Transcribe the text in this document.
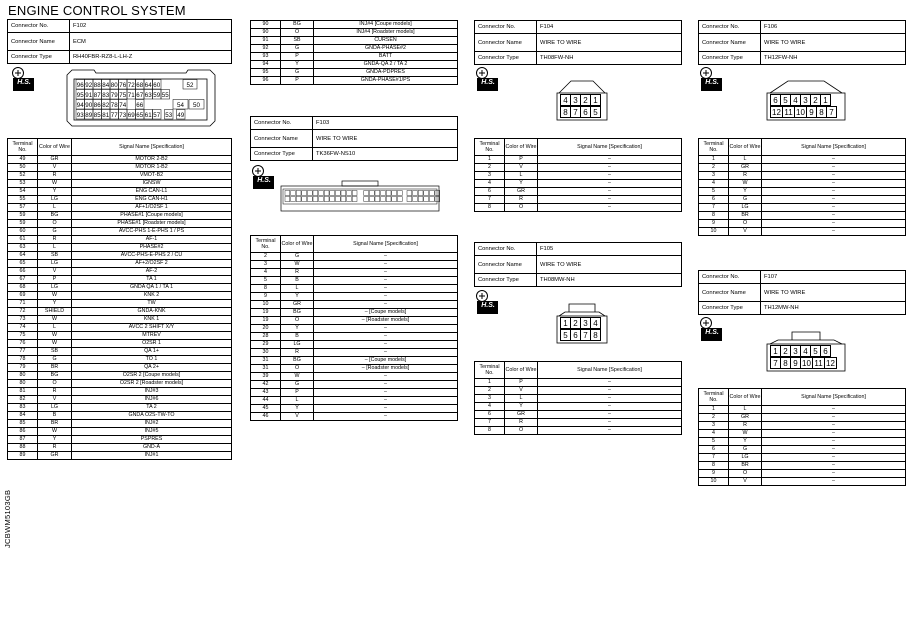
ENGINE CONTROL SYSTEM
JCBWM5103GB
Connector No.	F102
Connector Name	ECM
Connector Type	RH40FBR-RZ8-L-LH-Z
H.S.	96 92 88 84 80 76 72 68 64 60	52
95 91 87 83 79 75 71 67 63 59 55
94 90 86 82 78 74 66	54 50
93 89 85 81 77 73 69 65 61 57 53 49
Terminal No.	Color of Wire	Signal Name [Specification]
49	GR	MOTOR 2-B2
50	V	MOTOR 1-B2
52	R	VMOT-B2
53	W	IGNSW
54	Y	ENG CAN-L1
55	LG	ENG CAN-H1
57	L	AF+1/O2SF 1
59	BG	PHASE#1 [Coupe models]
59	O	PHASE#1 [Roadster models]
60	G	AVCC-PHS 1-E-PHS 1 / PS
61	R	AF-1
63	L	PHASE#2
64	SB	AVCC-PHS-E-PHS 2 / CU
65	LG	AF+2/O2SF 2
66	V	AF-2
67	P	TA 1
68	LG	GNDA QA 1 / TA 1
69	W	KNK 2
71	Y	TW
72	SHIELD	GNDA-KNK
73	W	KNK 1
74	L	AVCC 2 SHIFT X/Y
75	W	MTREV
76	W	O2SR 1
77	SB	QA 1+
78	G	TO 1
79	BR	QA 2+
80	BG	O2SR 2 [Coupe models]
80	O	O2SR 2 [Roadster models]
81	R	INJ#3
82	V	INJ#6
83	LG	TA 2
84	B	GNDA O2S-TW-TO
85	BR	INJ#2
86	W	INJ#5
87	Y	PSPRES
88	R	GND-A
89	GR	INJ#1
90	BG	INJ#4 [Coupe models]
90	O	INJ#4 [Roadster models]
91	SB	CURSEN
92	G	GNDA-PHASE#2
93	P	BATT
94	Y	GNDA-QA 2 / TA 2
95	G	GNDA-PDPRES
96	P	GNDA-PHASE#1/PS
Connector No.	F103
Connector Name	WIRE TO WIRE
Connector Type	TK36FW-NS10
H.S.
Terminal No.	Color of Wire	Signal Name [Specification]
2	G	–
3	W	–
4	R	–
5	B	–
8	L	–
9	Y	–
10	GR	–
19	BG	– [Coupe models]
19	O	– [Roadster models]
20	Y	–
28	B	–
29	LG	–
30	R	–
31	BG	– [Coupe models]
31	O	– [Roadster models]
39	W	–
42	G	–
43	P	–
44	L	–
45	Y	–
46	V	–
Connector No.	F104
Connector Name	WIRE TO WIRE
Connector Type	TH08FW-NH
H.S.
4 3 2 1
8 7 6 5
Terminal No.	Color of Wire	Signal Name [Specification]
1	P	–
2	V	–
3	L	–
4	Y	–
6	GR	–
7	R	–
8	O	–
Connector No.	F105
Connector Name	WIRE TO WIRE
Connector Type	TH08MW-NH
H.S.
1 2 3 4
5 6 7 8
Terminal No.	Color of Wire	Signal Name [Specification]
1	P	–
2	V	–
3	L	–
4	Y	–
6	GR	–
7	R	–
8	O	–
Connector No.	F106
Connector Name	WIRE TO WIRE
Connector Type	TH12FW-NH
H.S.
6 5 4 3 2 1
12 11 10 9 8 7
Terminal No.	Color of Wire	Signal Name [Specification]
1	L	–
2	GR	–
3	R	–
4	W	–
5	Y	–
6	G	–
7	LG	–
8	BR	–
9	O	–
10	V	–
Connector No.	F107
Connector Name	WIRE TO WIRE
Connector Type	TH12MW-NH
H.S.
1 2 3 4 5 6
7 8 9 10 11 12
Terminal No.	Color of Wire	Signal Name [Specification]
1	L	–
2	GR	–
3	R	–
4	W	–
5	Y	–
6	G	–
7	LG	–
8	BR	–
9	O	–
10	V	–
